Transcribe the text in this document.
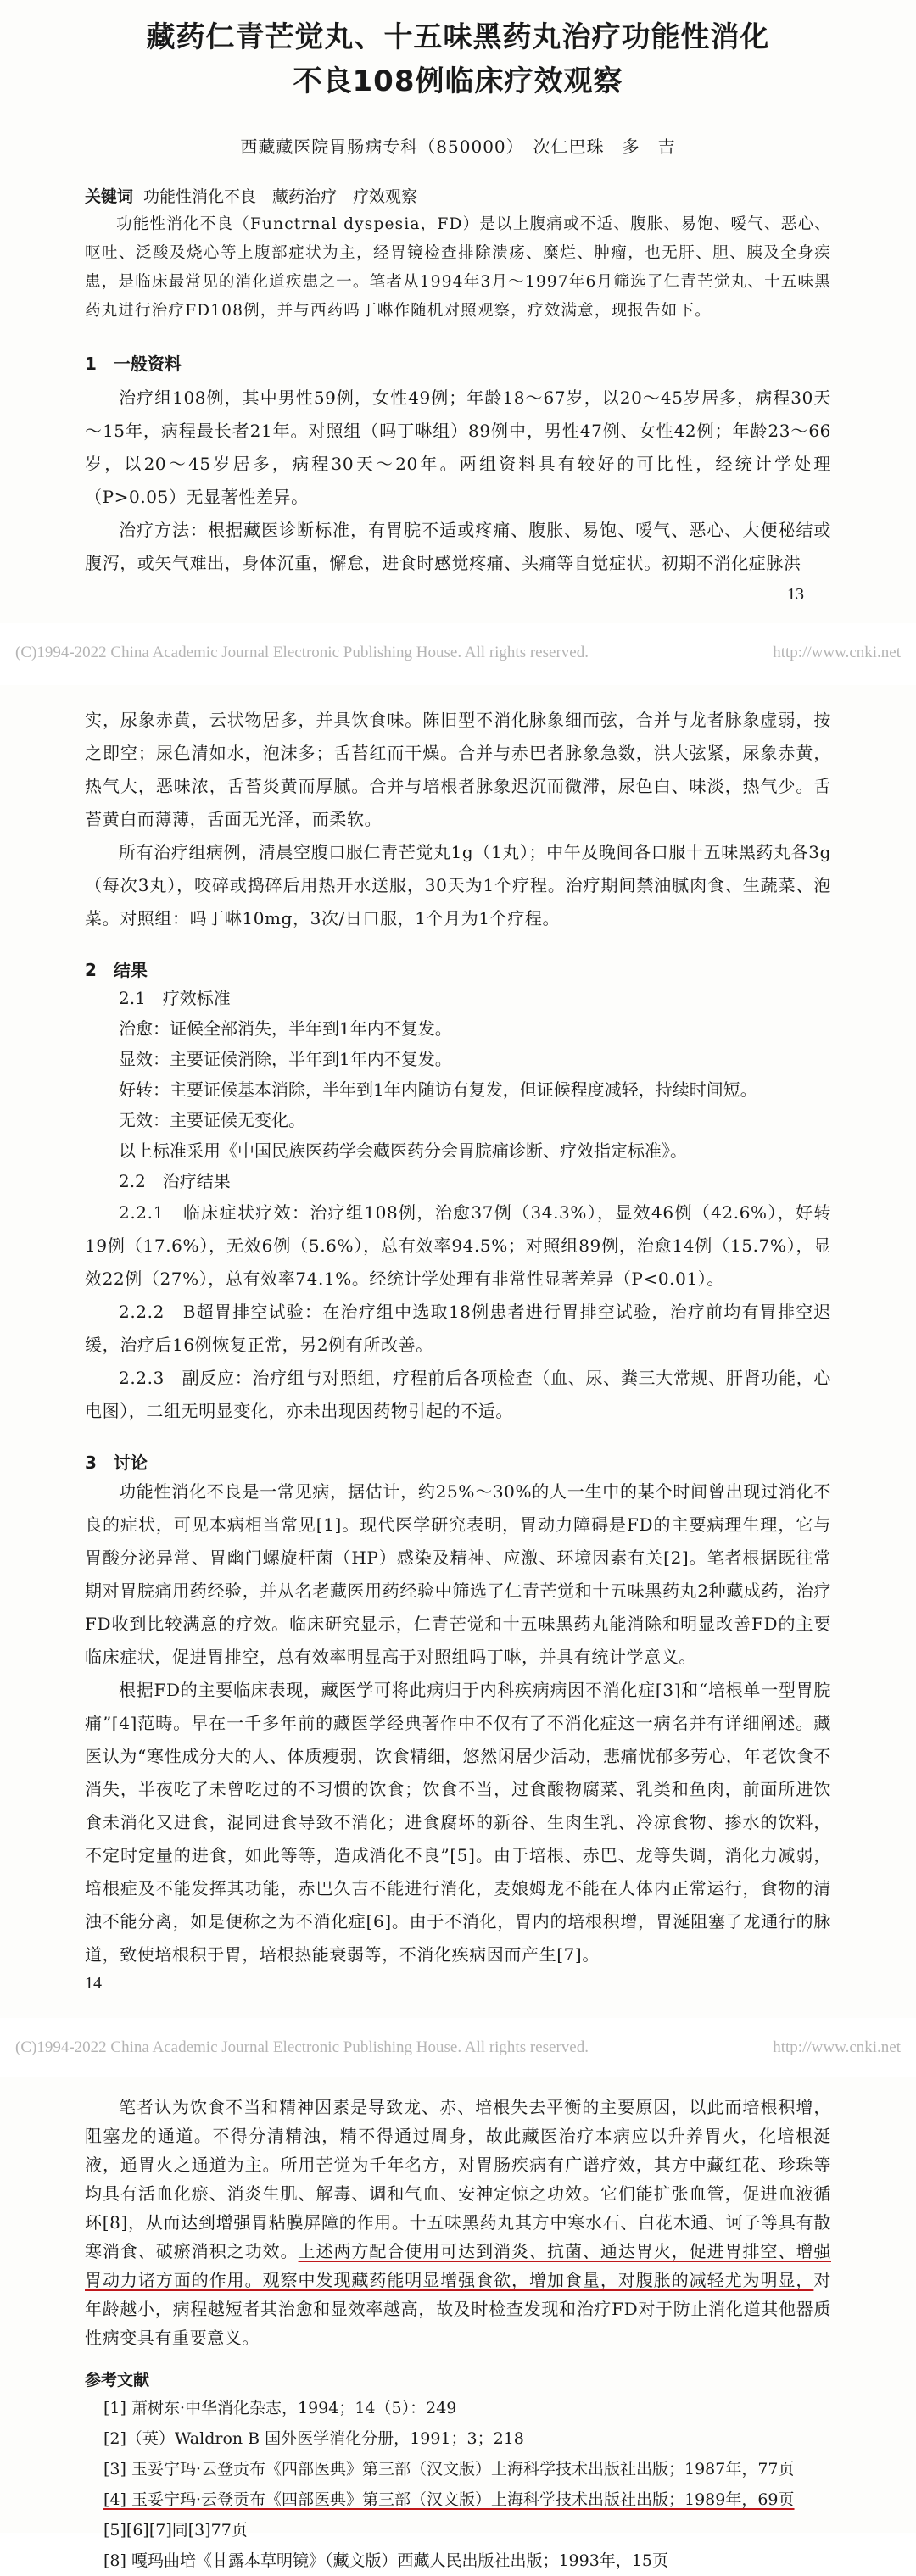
藏药仁青芒觉丸、十五味黑药丸治疗功能性消化
不良108例临床疗效观察
西藏藏医院胃肠病专科（850000）　次仁巴珠　多　吉
关键词 功能性消化不良　藏药治疗　疗效观察

功能性消化不良（Functrnal dyspesia，FD）是以上腹痛或不适、腹胀、易饱、嗳气、恶心、呕吐、泛酸及烧心等上腹部症状为主，经胃镜检查排除溃疡、糜烂、肿瘤，也无肝、胆、胰及全身疾患，是临床最常见的消化道疾患之一。笔者从1994年3月～1997年6月筛选了仁青芒觉丸、十五味黑药丸进行治疗FD108例，并与西药吗丁啉作随机对照观察，疗效满意，现报告如下。

1　一般资料

治疗组108例，其中男性59例，女性49例；年龄18～67岁，以20～45岁居多，病程30天～15年，病程最长者21年。对照组（吗丁啉组）89例中，男性47例、女性42例；年龄23～66岁，以20～45岁居多，病程30天～20年。两组资料具有较好的可比性，经统计学处理（P>0.05）无显著性差异。

治疗方法：根据藏医诊断标准，有胃脘不适或疼痛、腹胀、易饱、嗳气、恶心、大便秘结或腹泻，或矢气难出，身体沉重，懈怠，进食时感觉疼痛、头痛等自觉症状。初期不消化症脉洪

13
(C)1994-2022 China Academic Journal Electronic Publishing House. All rights reserved.	http://www.cnki.net

实，尿象赤黄，云状物居多，并具饮食味。陈旧型不消化脉象细而弦，合并与龙者脉象虚弱，按之即空；尿色清如水，泡沫多；舌苔红而干燥。合并与赤巴者脉象急数，洪大弦紧，尿象赤黄，热气大，恶味浓，舌苔炎黄而厚腻。合并与培根者脉象迟沉而微滞，尿色白、味淡，热气少。舌苔黄白而薄薄，舌面无光泽，而柔软。

所有治疗组病例，清晨空腹口服仁青芒觉丸1g（1丸）；中午及晚间各口服十五味黑药丸各3g（每次3丸），咬碎或捣碎后用热开水送服，30天为1个疗程。治疗期间禁油腻肉食、生蔬菜、泡菜。对照组：吗丁啉10mg，3次/日口服，1个月为1个疗程。

2　结果

2.1　疗效标准

治愈：证候全部消失，半年到1年内不复发。

显效：主要证候消除，半年到1年内不复发。

好转：主要证候基本消除，半年到1年内随访有复发，但证候程度减轻，持续时间短。

无效：主要证候无变化。

以上标准采用《中国民族医药学会藏医药分会胃脘痛诊断、疗效指定标准》。

2.2　治疗结果

2.2.1　临床症状疗效：治疗组108例，治愈37例（34.3%），显效46例（42.6%），好转19例（17.6%），无效6例（5.6%），总有效率94.5%；对照组89例，治愈14例（15.7%），显效22例（27%），总有效率74.1%。经统计学处理有非常性显著差异（P<0.01）。

2.2.2　B超胃排空试验：在治疗组中选取18例患者进行胃排空试验，治疗前均有胃排空迟缓，治疗后16例恢复正常，另2例有所改善。

2.2.3　副反应：治疗组与对照组，疗程前后各项检查（血、尿、粪三大常规、肝肾功能，心电图），二组无明显变化，亦未出现因药物引起的不适。

3　讨论

功能性消化不良是一常见病，据估计，约25%～30%的人一生中的某个时间曾出现过消化不良的症状，可见本病相当常见[1]。现代医学研究表明，胃动力障碍是FD的主要病理生理，它与胃酸分泌异常、胃幽门螺旋杆菌（HP）感染及精神、应激、环境因素有关[2]。笔者根据既往常期对胃脘痛用药经验，并从名老藏医用药经验中筛选了仁青芒觉和十五味黑药丸2种藏成药，治疗FD收到比较满意的疗效。临床研究显示，仁青芒觉和十五味黑药丸能消除和明显改善FD的主要临床症状，促进胃排空，总有效率明显高于对照组吗丁啉，并具有统计学意义。

根据FD的主要临床表现，藏医学可将此病归于内科疾病病因不消化症[3]和“培根单一型胃脘痛”[4]范畴。早在一千多年前的藏医学经典著作中不仅有了不消化症这一病名并有详细阐述。藏医认为“寒性成分大的人、体质瘦弱，饮食精细，悠然闲居少活动，悲痛忧郁多劳心，年老饮食不消失，半夜吃了未曾吃过的不习惯的饮食；饮食不当，过食酸物腐菜、乳类和鱼肉，前面所进饮食未消化又进食，混同进食导致不消化；进食腐坏的新谷、生肉生乳、冷凉食物、掺水的饮料，不定时定量的进食，如此等等，造成消化不良”[5]。由于培根、赤巴、龙等失调，消化力减弱，培根症及不能发挥其功能，赤巴久吉不能进行消化，麦娘姆龙不能在人体内正常运行，食物的清浊不能分离，如是便称之为不消化症[6]。由于不消化，胃内的培根积增，胃涎阻塞了龙通行的脉道，致使培根积于胃，培根热能衰弱等，不消化疾病因而产生[7]。

14
(C)1994-2022 China Academic Journal Electronic Publishing House. All rights reserved.	http://www.cnki.net

笔者认为饮食不当和精神因素是导致龙、赤、培根失去平衡的主要原因，以此而培根积增，阻塞龙的通道。不得分清精浊，精不得通过周身，故此藏医治疗本病应以升养胃火，化培根涎液，通胃火之通道为主。所用芒觉为千年名方，对胃肠疾病有广谱疗效，其方中藏红花、珍珠等均具有活血化瘀、消炎生肌、解毒、调和气血、安神定惊之功效。它们能扩张血管，促进血液循环[8]，从而达到增强胃粘膜屏障的作用。十五味黑药丸其方中寒水石、白花木通、诃子等具有散寒消食、破瘀消积之功效。上述两方配合使用可达到消炎、抗菌、通达胃火，促进胃排空、增强胃动力诸方面的作用。观察中发现藏药能明显增强食欲，增加食量，对腹胀的减轻尤为明显，对年龄越小，病程越短者其治愈和显效率越高，故及时检查发现和治疗FD对于防止消化道其他器质性病变具有重要意义。

参考文献

[1] 萧树东·中华消化杂志，1994；14（5）：249

[2]（英）Waldron B 国外医学消化分册，1991；3；218

[3] 玉妥宁玛·云登贡布《四部医典》第三部（汉文版）上海科学技术出版社出版；1987年，77页

[4] 玉妥宁玛·云登贡布《四部医典》第三部（汉文版）上海科学技术出版社出版；1989年，69页

[5][6][7]同[3]77页

[8] 嘎玛曲培《甘露本草明镜》（藏文版）西藏人民出版社出版；1993年，15页
